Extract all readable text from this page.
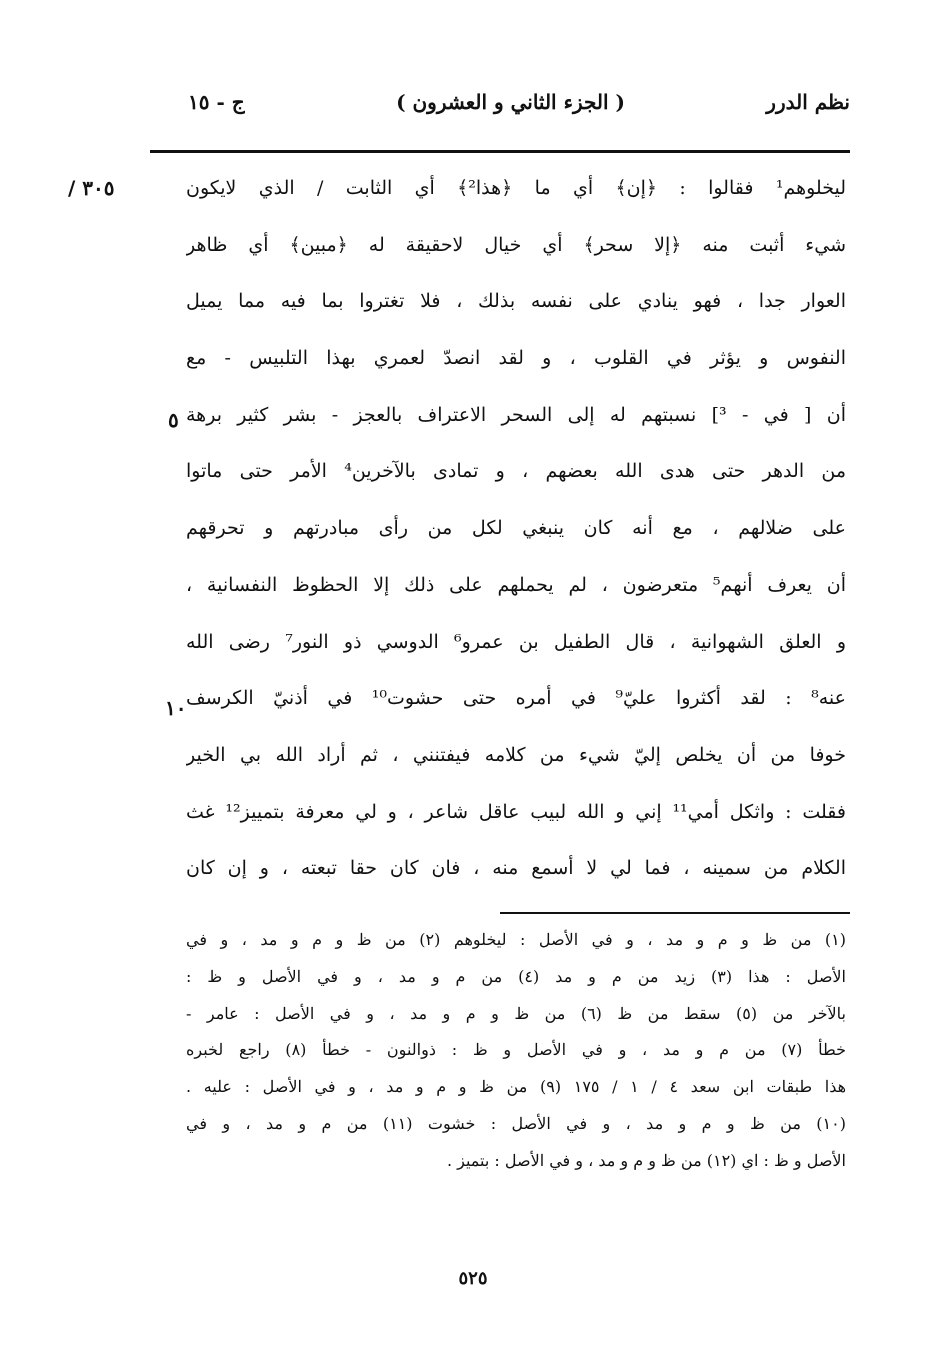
نظم الدرر
( الجزء الثاني و العشرون )
ج - ١٥
/ ٣٠٥
٥
١٠
ليخلوهم¹ فقالوا : ﴿إن﴾ أي ما ﴿هذا²﴾ أي الثابت / الذي لايكون
شيء أثبت منه ﴿إلا سحر﴾ أي خيال لاحقيقة له ﴿مبين﴾ أي ظاهر
العوار جدا ، فهو ينادي على نفسه بذلك ، فلا تغتروا بما فيه مما يميل
النفوس و يؤثر في القلوب ، و لقد انصدّ لعمري بهذا التلبيس - مع
أن [ في - ³] نسبتهم له إلى السحر الاعتراف بالعجز - بشر كثير برهة
من الدهر حتى هدى الله بعضهم ، و تمادى بالآخرين⁴ الأمر حتى ماتوا
على ضلالهم ، مع أنه كان ينبغي لكل من رأى مبادرتهم و تحرقهم
أن يعرف أنهم⁵ متعرضون ، لم يحملهم على ذلك إلا الحظوظ النفسانية ،
و العلق الشهوانية ، قال الطفيل بن عمرو⁶ الدوسي ذو النور⁷ رضى الله
عنه⁸ : لقد أكثروا عليّ⁹ في أمره حتى حشوت¹⁰ في أذنيّ الكرسف
خوفا من أن يخلص إليّ شيء من كلامه فيفتنني ، ثم أراد الله بي الخير
فقلت : واثكل أمي¹¹ إني و الله لبيب عاقل شاعر ، و لي معرفة بتمييز¹² غث
الكلام من سمينه ، فما لي لا أسمع منه ، فان كان حقا تبعته ، و إن كان
(١) من ظ و م و مد ، و في الأصل : ليخلوهم (٢) من ظ و م و مد ، و في
الأصل : هذا (٣) زيد من م و مد (٤) من م و مد ، و في الأصل و ظ :
بالآخر من (٥) سقط من ظ (٦) من ظ و م و مد ، و في الأصل : عامر -
خطأ (٧) من م و مد ، و في الأصل و ظ : ذوالنون - خطأ (٨) راجع لخبره
هذا طبقات ابن سعد ٤ / ١ / ١٧٥ (٩) من ظ و م و مد ، و في الأصل : عليه .
(١٠) من ظ و م و مد ، و في الأصل : خشوت (١١) من م و مد ، و في
الأصل و ظ : اي (١٢) من ظ و م و مد ، و في الأصل : بتميز .
٥٢٥
